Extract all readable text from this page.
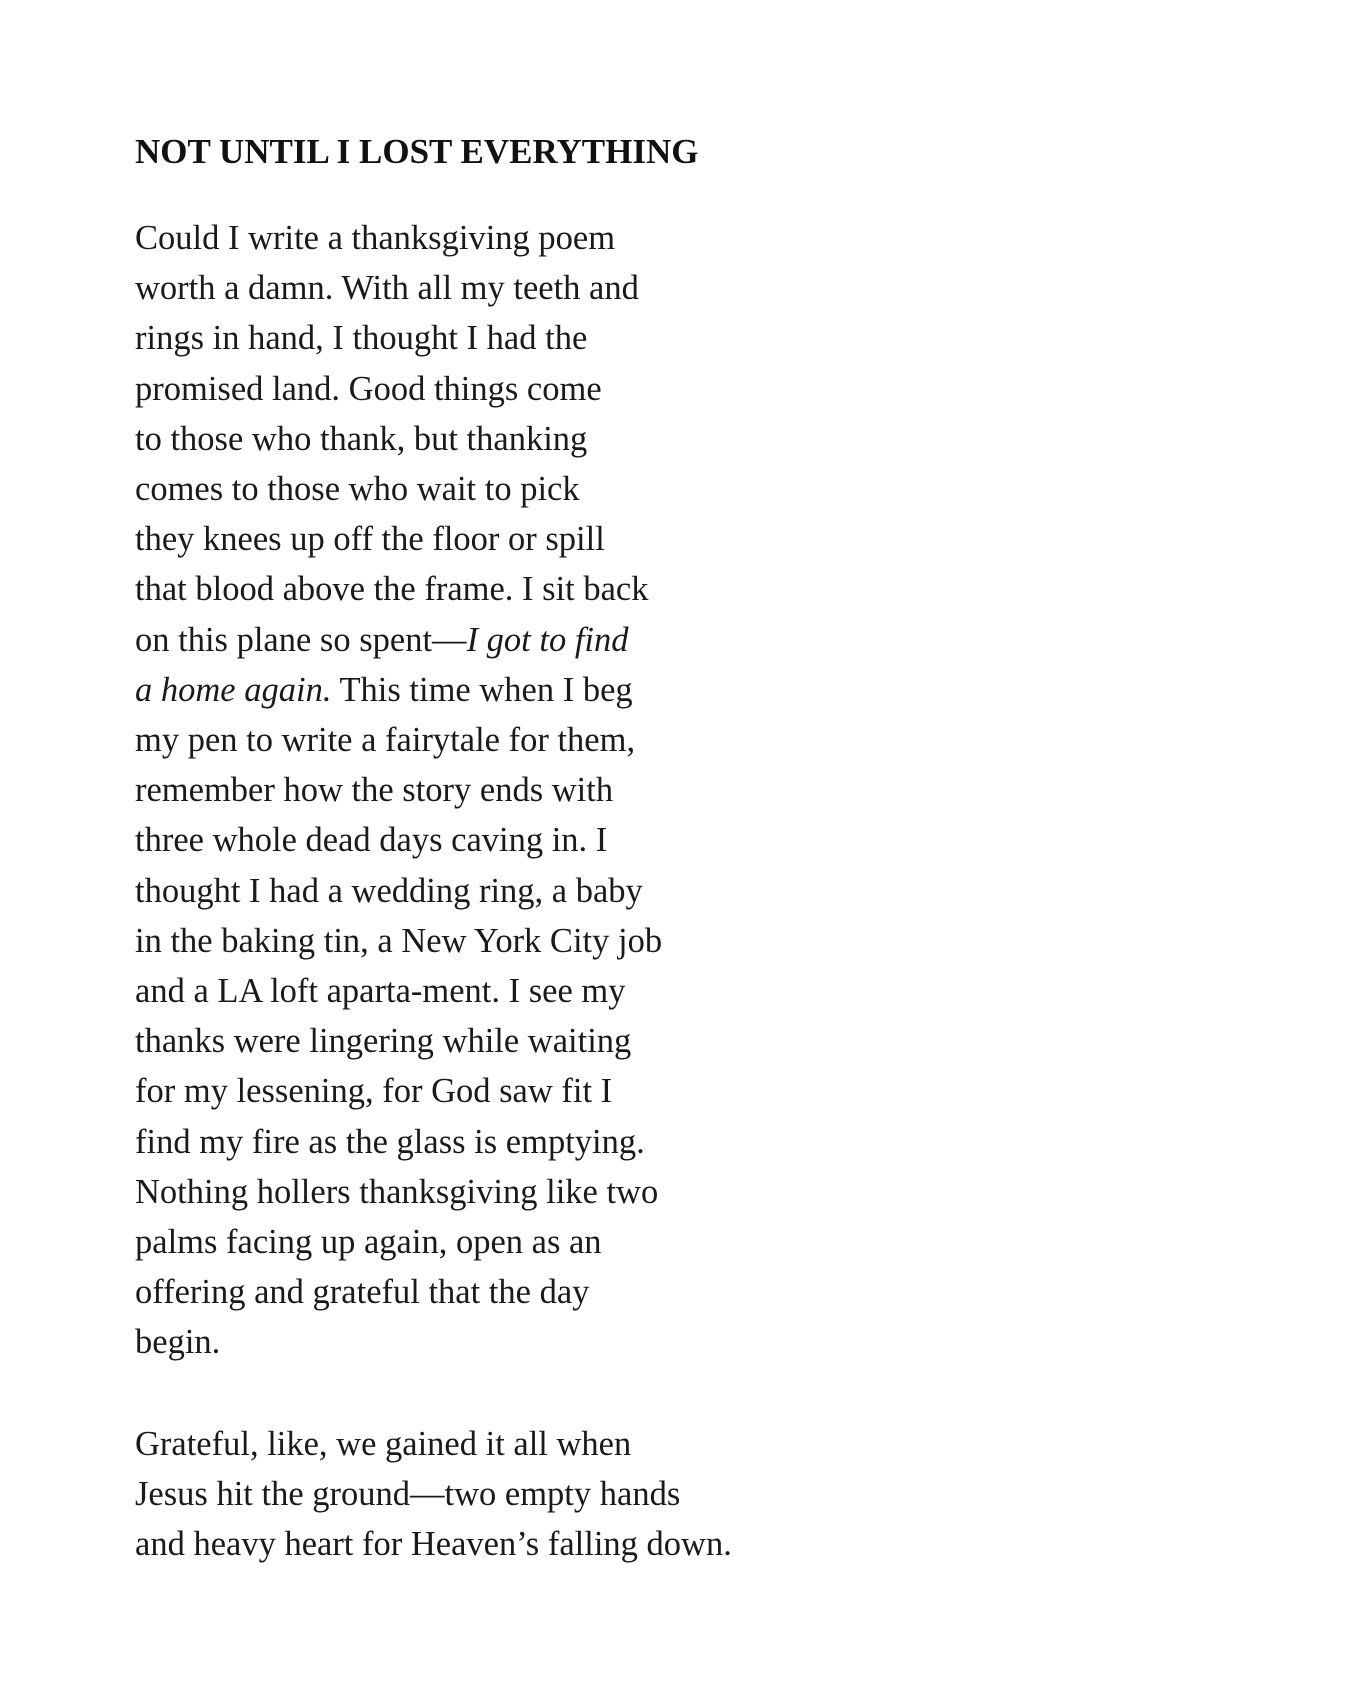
NOT UNTIL I LOST EVERYTHING
Could I write a thanksgiving poem
worth a damn. With all my teeth and
rings in hand, I thought I had the
promised land. Good things come
to those who thank, but thanking
comes to those who wait to pick
they knees up off the floor or spill
that blood above the frame. I sit back
on this plane so spent—I got to find
a home again. This time when I beg
my pen to write a fairytale for them,
remember how the story ends with
three whole dead days caving in. I
thought I had a wedding ring, a baby
in the baking tin, a New York City job
and a LA loft aparta-ment. I see my
thanks were lingering while waiting
for my lessening, for God saw fit I
find my fire as the glass is emptying.
Nothing hollers thanksgiving like two
palms facing up again, open as an
offering and grateful that the day
begin.
Grateful, like, we gained it all when
Jesus hit the ground—two empty hands
and heavy heart for Heaven’s falling down.
